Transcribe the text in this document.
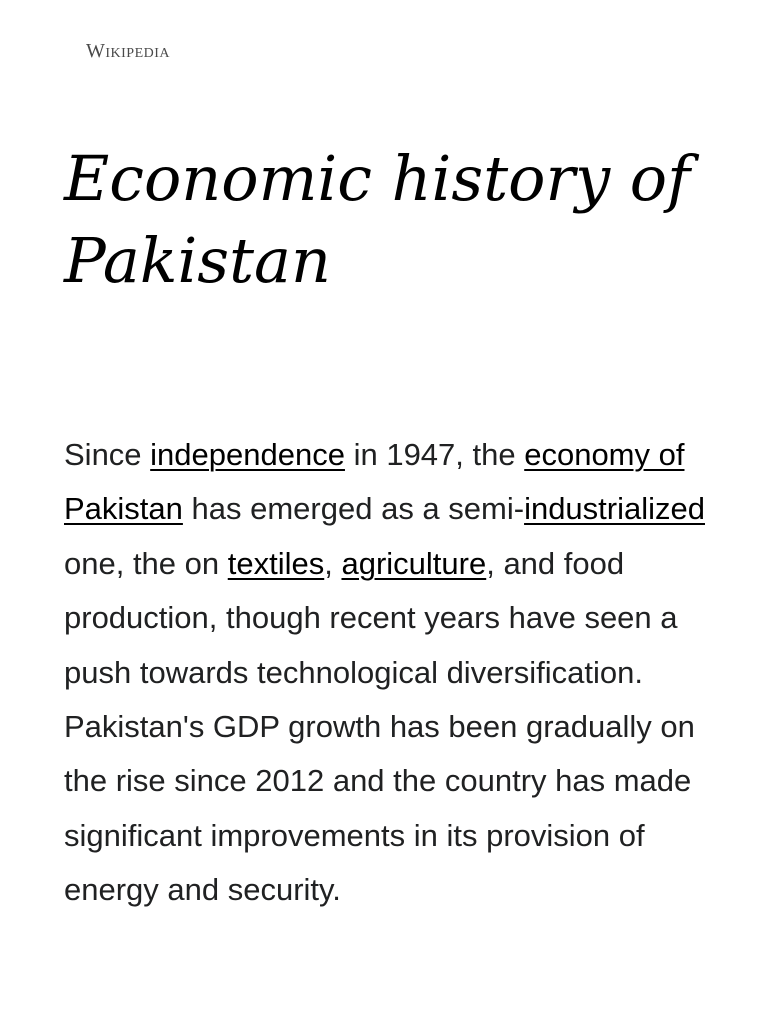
Wikipedia
Economic history of
Pakistan

Since independence in 1947, the economy of Pakistan has emerged as a semi-industrialized one, the on textiles, agriculture, and food production, though recent years have seen a push towards technological diversification. Pakistan's GDP growth has been gradually on the rise since 2012 and the country has made significant improvements in its provision of energy and security.
